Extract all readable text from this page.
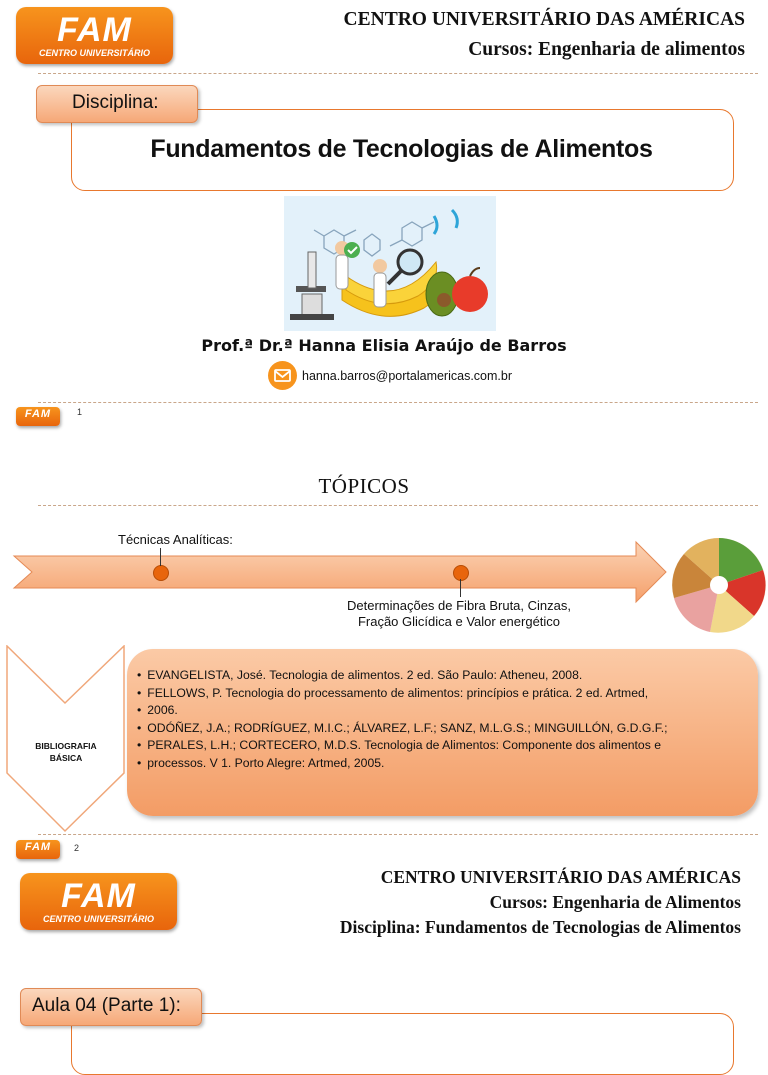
FAM
CENTRO UNIVERSITÁRIO
CENTRO UNIVERSITÁRIO DAS AMÉRICAS
Cursos: Engenharia de alimentos
Disciplina:
Fundamentos de Tecnologias de Alimentos
Prof.ª Dr.ª Hanna Elisia Araújo de Barros
hanna.barros@portalamericas.com.br
FAM	1
TÓPICOS
Técnicas Analíticas:
Determinações de Fibra Bruta, Cinzas,
Fração Glicídica e Valor energético
BIBLIOGRAFIA
BÁSICA
• EVANGELISTA, José. Tecnologia de alimentos. 2 ed. São Paulo: Atheneu, 2008.
• FELLOWS, P. Tecnologia do processamento de alimentos: princípios e prática. 2 ed. Artmed,
• 2006.
• ODÓÑEZ, J.A.; RODRÍGUEZ, M.I.C.; ÁLVAREZ, L.F.; SANZ, M.L.G.S.; MINGUILLÓN, G.D.G.F.;
• PERALES, L.H.; CORTECERO, M.D.S. Tecnologia de Alimentos: Componente dos alimentos e
• processos. V 1. Porto Alegre: Artmed, 2005.
FAM	2
FAM
CENTRO UNIVERSITÁRIO
CENTRO UNIVERSITÁRIO DAS AMÉRICAS
Cursos: Engenharia de Alimentos
Disciplina: Fundamentos de Tecnologias de Alimentos
Aula 04 (Parte 1):
